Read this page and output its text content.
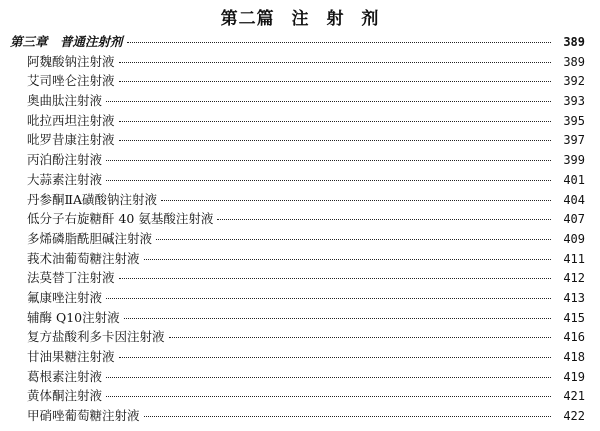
第二篇 注 射 剂
第三章　普通注射剂	389
阿魏酸钠注射液	389
艾司唑仑注射液	392
奥曲肽注射液	393
吡拉西坦注射液	395
吡罗昔康注射液	397
丙泊酚注射液	399
大蒜素注射液	401
丹参酮ⅡA磺酸钠注射液	404
低分子右旋糖酐 40 氨基酸注射液	407
多烯磷脂酰胆碱注射液	409
莪术油葡萄糖注射液	411
法莫替丁注射液	412
氟康唑注射液	413
辅酶 Q10注射液	415
复方盐酸利多卡因注射液	416
甘油果糖注射液	418
葛根素注射液	419
黄体酮注射液	421
甲硝唑葡萄糖注射液	422
